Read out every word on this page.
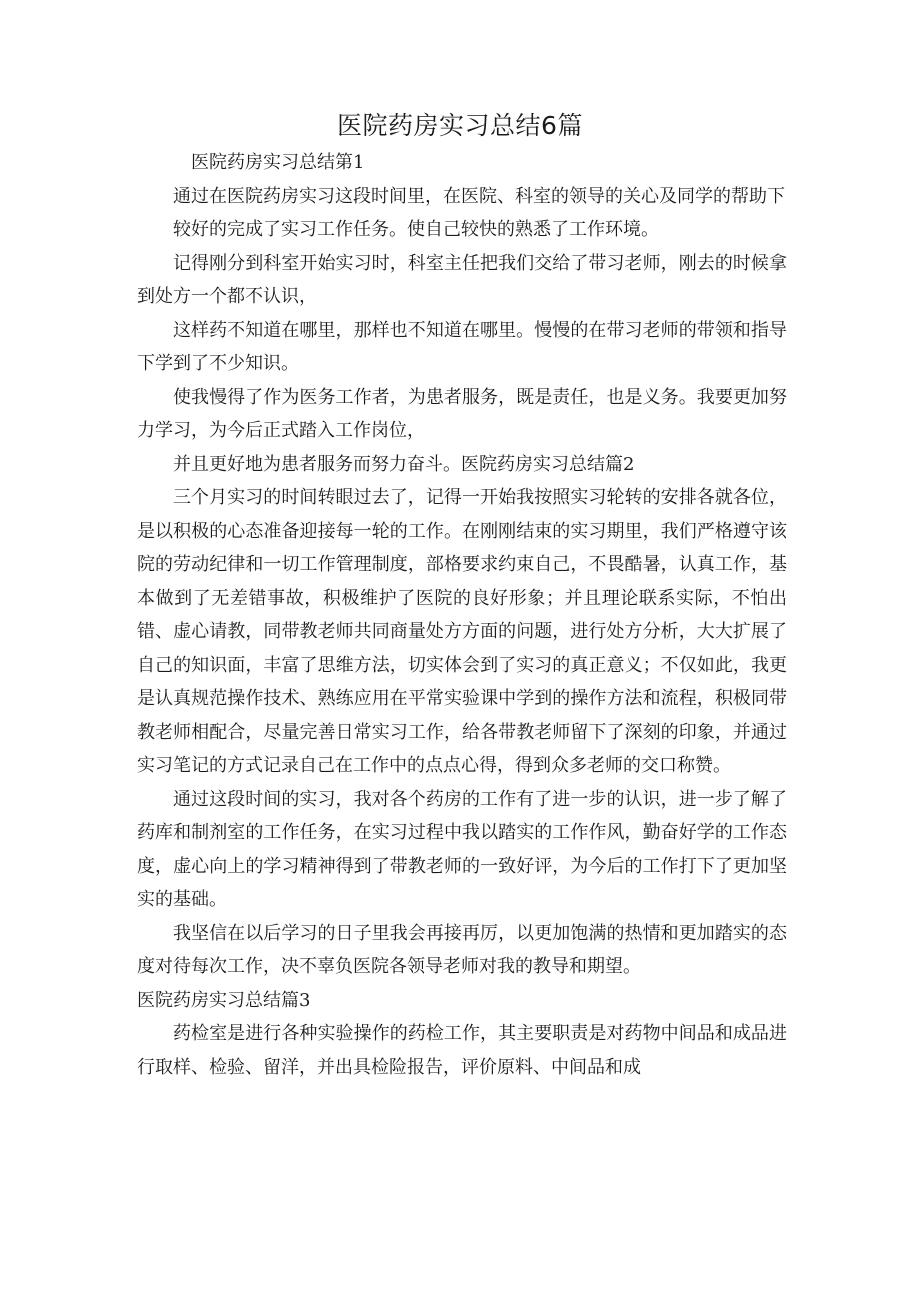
医院药房实习总结6篇

医院药房实习总结第1

通过在医院药房实习这段时间里，在医院、科室的领导的关心及同学的帮助下

较好的完成了实习工作任务。使自己较快的熟悉了工作环境。

记得刚分到科室开始实习时，科室主任把我们交给了带习老师，刚去的时候拿到处方一个都不认识，

这样药不知道在哪里，那样也不知道在哪里。慢慢的在带习老师的带领和指导下学到了不少知识。

使我慢得了作为医务工作者，为患者服务，既是责任，也是义务。我要更加努力学习，为今后正式踏入工作岗位，

并且更好地为患者服务而努力奋斗。医院药房实习总结篇2

三个月实习的时间转眼过去了，记得一开始我按照实习轮转的安排各就各位，是以积极的心态准备迎接每一轮的工作。在刚刚结束的实习期里，我们严格遵守该院的劳动纪律和一切工作管理制度，部格要求约束自己，不畏酷暑，认真工作，基本做到了无差错事故，积极维护了医院的良好形象；并且理论联系实际，不怕出错、虚心请教，同带教老师共同商量处方方面的问题，进行处方分析，大大扩展了自己的知识面，丰富了思维方法，切实体会到了实习的真正意义；不仅如此，我更是认真规范操作技术、熟练应用在平常实验课中学到的操作方法和流程，积极同带教老师相配合，尽量完善日常实习工作，给各带教老师留下了深刻的印象，并通过实习笔记的方式记录自己在工作中的点点心得，得到众多老师的交口称赞。

通过这段时间的实习，我对各个药房的工作有了进一步的认识，进一步了解了药库和制剂室的工作任务，在实习过程中我以踏实的工作作风，勤奋好学的工作态度，虚心向上的学习精神得到了带教老师的一致好评，为今后的工作打下了更加坚实的基础。

我坚信在以后学习的日子里我会再接再厉，以更加饱满的热情和更加踏实的态度对待每次工作，决不辜负医院各领导老师对我的教导和期望。

医院药房实习总结篇3

药检室是进行各种实验操作的药检工作，其主要职责是对药物中间品和成品进行取样、检验、留洋，并出具检险报告，评价原料、中间品和成
